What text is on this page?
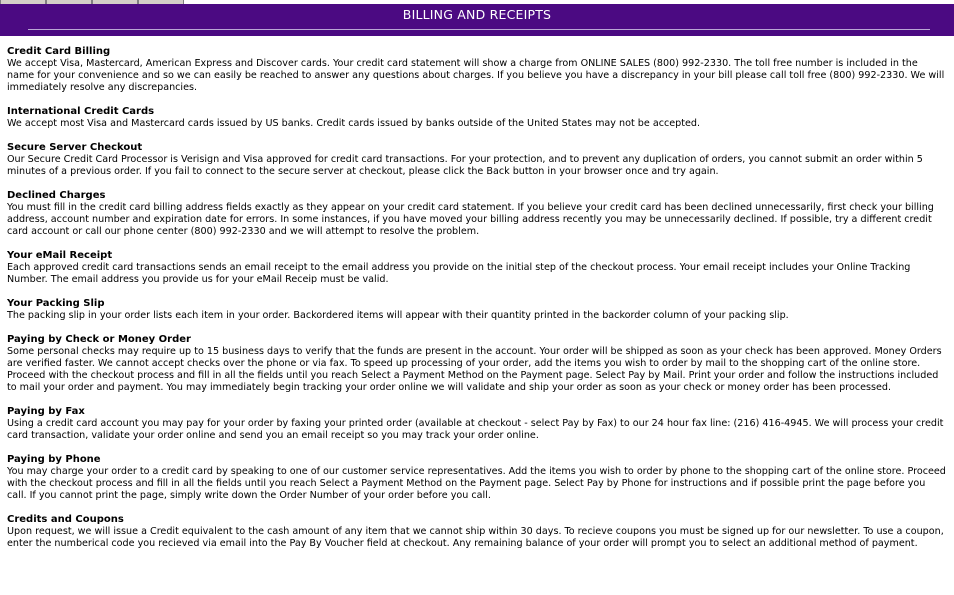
BILLING AND RECEIPTS
Credit Card Billing
We accept Visa, Mastercard, American Express and Discover cards. Your credit card statement will show a charge from ONLINE SALES (800) 992-2330. The toll free number is included in the name for your convenience and so we can easily be reached to answer any questions about charges. If you believe you have a discrepancy in your bill please call toll free (800) 992-2330. We will immediately resolve any discrepancies.
International Credit Cards
We accept most Visa and Mastercard cards issued by US banks. Credit cards issued by banks outside of the United States may not be accepted.
Secure Server Checkout
Our Secure Credit Card Processor is Verisign and Visa approved for credit card transactions. For your protection, and to prevent any duplication of orders, you cannot submit an order within 5 minutes of a previous order. If you fail to connect to the secure server at checkout, please click the Back button in your browser once and try again.
Declined Charges
You must fill in the credit card billing address fields exactly as they appear on your credit card statement. If you believe your credit card has been declined unnecessarily, first check your billing address, account number and expiration date for errors. In some instances, if you have moved your billing address recently you may be unnecessarily declined. If possible, try a different credit card account or call our phone center (800) 992-2330 and we will attempt to resolve the problem.
Your eMail Receipt
Each approved credit card transactions sends an email receipt to the email address you provide on the initial step of the checkout process. Your email receipt includes your Online Tracking Number. The email address you provide us for your eMail Receip must be valid.
Your Packing Slip
The packing slip in your order lists each item in your order. Backordered items will appear with their quantity printed in the backorder column of your packing slip.
Paying by Check or Money Order
Some personal checks may require up to 15 business days to verify that the funds are present in the account. Your order will be shipped as soon as your check has been approved. Money Orders are verified faster. We cannot accept checks over the phone or via fax. To speed up processing of your order, add the items you wish to order by mail to the shopping cart of the online store. Proceed with the checkout process and fill in all the fields until you reach Select a Payment Method on the Payment page. Select Pay by Mail. Print your order and follow the instructions included to mail your order and payment. You may immediately begin tracking your order online we will validate and ship your order as soon as your check or money order has been processed.
Paying by Fax
Using a credit card account you may pay for your order by faxing your printed order (available at checkout - select Pay by Fax) to our 24 hour fax line: (216) 416-4945. We will process your credit card transaction, validate your order online and send you an email receipt so you may track your order online.
Paying by Phone
You may charge your order to a credit card by speaking to one of our customer service representatives. Add the items you wish to order by phone to the shopping cart of the online store. Proceed with the checkout process and fill in all the fields until you reach Select a Payment Method on the Payment page. Select Pay by Phone for instructions and if possible print the page before you call. If you cannot print the page, simply write down the Order Number of your order before you call.
Credits and Coupons
Upon request, we will issue a Credit equivalent to the cash amount of any item that we cannot ship within 30 days. To recieve coupons you must be signed up for our newsletter. To use a coupon, enter the numberical code you recieved via email into the Pay By Voucher field at checkout. Any remaining balance of your order will prompt you to select an additional method of payment.
